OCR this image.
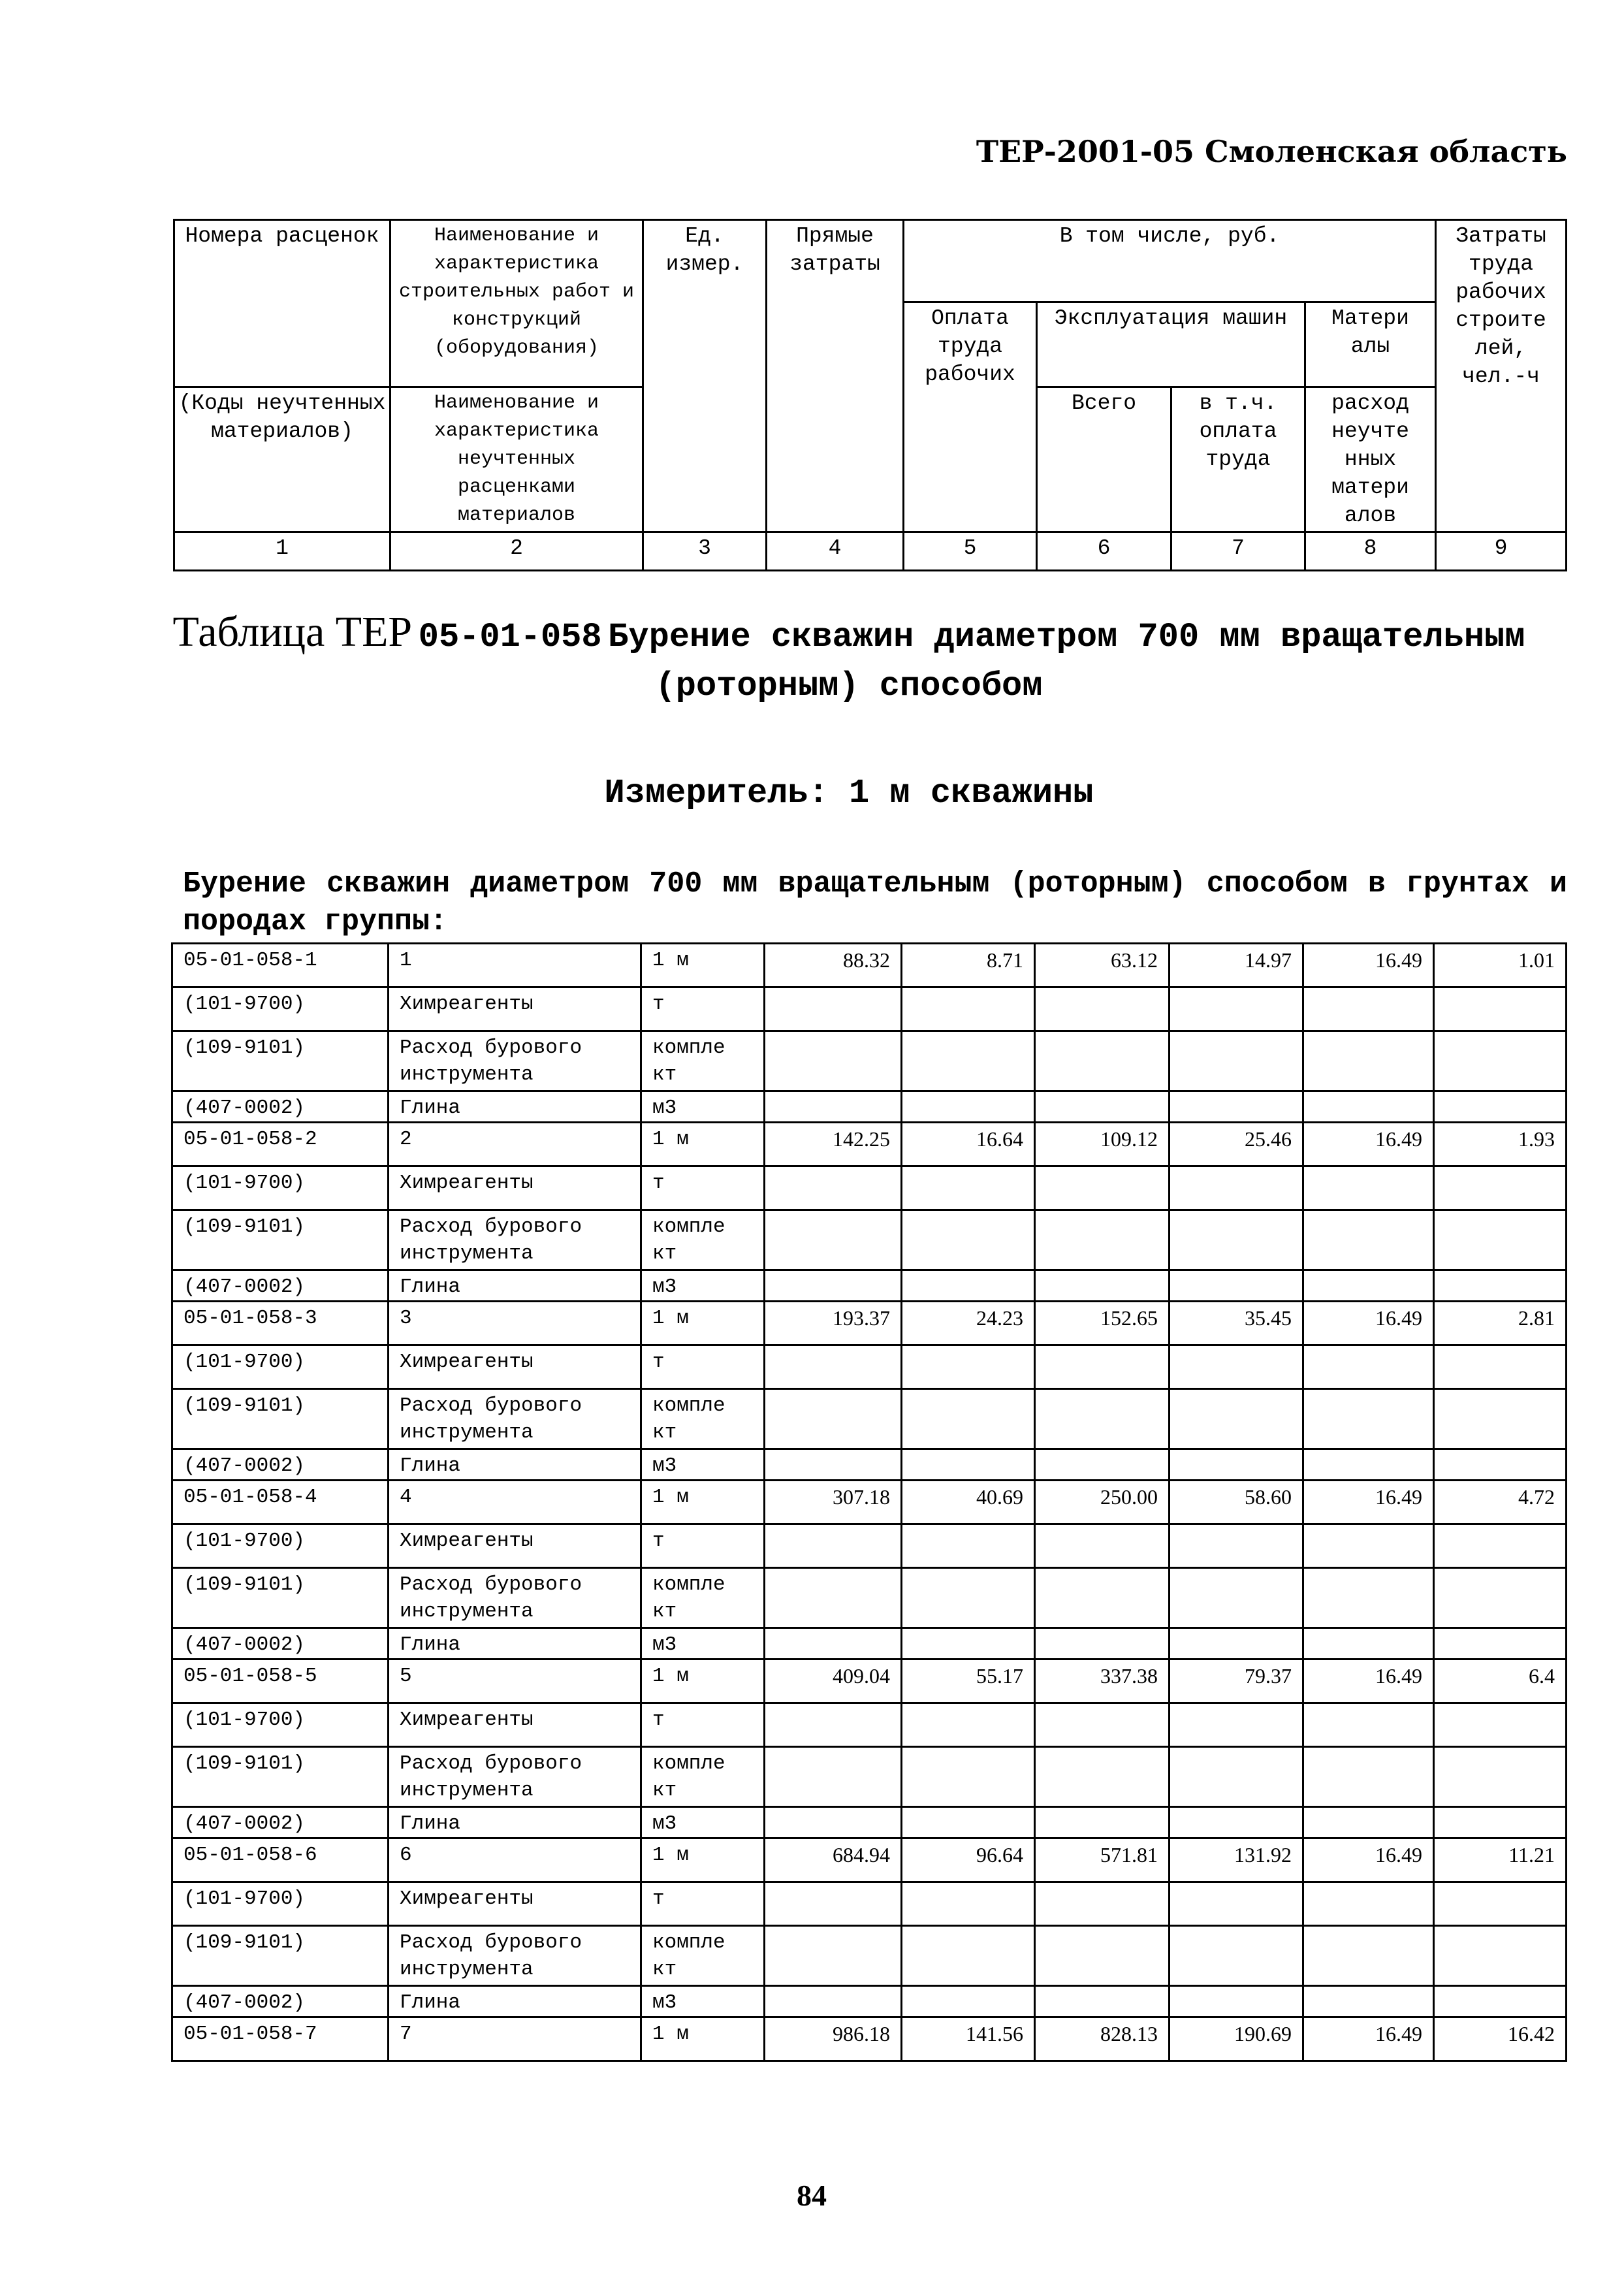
ТЕР-2001-05 Смоленская область
Номера расценок	Наименование и характеристика строительных работ и конструкций (оборудования)	Ед. измер.	Прямые затраты	В том числе, руб.				Затраты труда рабочих строите лей, чел.-ч
				Оплата труда рабочих	Эксплуатация машин		Матери алы	
(Коды неучтенных материалов)	Наименование и характеристика неучтенных расценками материалов				Всего	в т.ч. оплата труда	расход неучте нных матери алов	
1	2	3	4	5	6	7	8	9
Таблица ТЕР 05-01-058 Бурение скважин диаметром 700 мм вращательным (роторным) способом
Измеритель: 1 м скважины
Бурение скважин диаметром 700 мм вращательным (роторным) способом в грунтах и породах группы:
05-01-058-1	1	1 м	88.32	8.71	63.12	14.97	16.49	1.01
(101-9700)	Химреагенты	т						
(109-9101)	Расход бурового инструмента	компле кт						
(407-0002)	Глина	м3						
05-01-058-2	2	1 м	142.25	16.64	109.12	25.46	16.49	1.93
(101-9700)	Химреагенты	т						
(109-9101)	Расход бурового инструмента	компле кт						
(407-0002)	Глина	м3						
05-01-058-3	3	1 м	193.37	24.23	152.65	35.45	16.49	2.81
(101-9700)	Химреагенты	т						
(109-9101)	Расход бурового инструмента	компле кт						
(407-0002)	Глина	м3						
05-01-058-4	4	1 м	307.18	40.69	250.00	58.60	16.49	4.72
(101-9700)	Химреагенты	т						
(109-9101)	Расход бурового инструмента	компле кт						
(407-0002)	Глина	м3						
05-01-058-5	5	1 м	409.04	55.17	337.38	79.37	16.49	6.4
(101-9700)	Химреагенты	т						
(109-9101)	Расход бурового инструмента	компле кт						
(407-0002)	Глина	м3						
05-01-058-6	6	1 м	684.94	96.64	571.81	131.92	16.49	11.21
(101-9700)	Химреагенты	т						
(109-9101)	Расход бурового инструмента	компле кт						
(407-0002)	Глина	м3						
05-01-058-7	7	1 м	986.18	141.56	828.13	190.69	16.49	16.42
84
